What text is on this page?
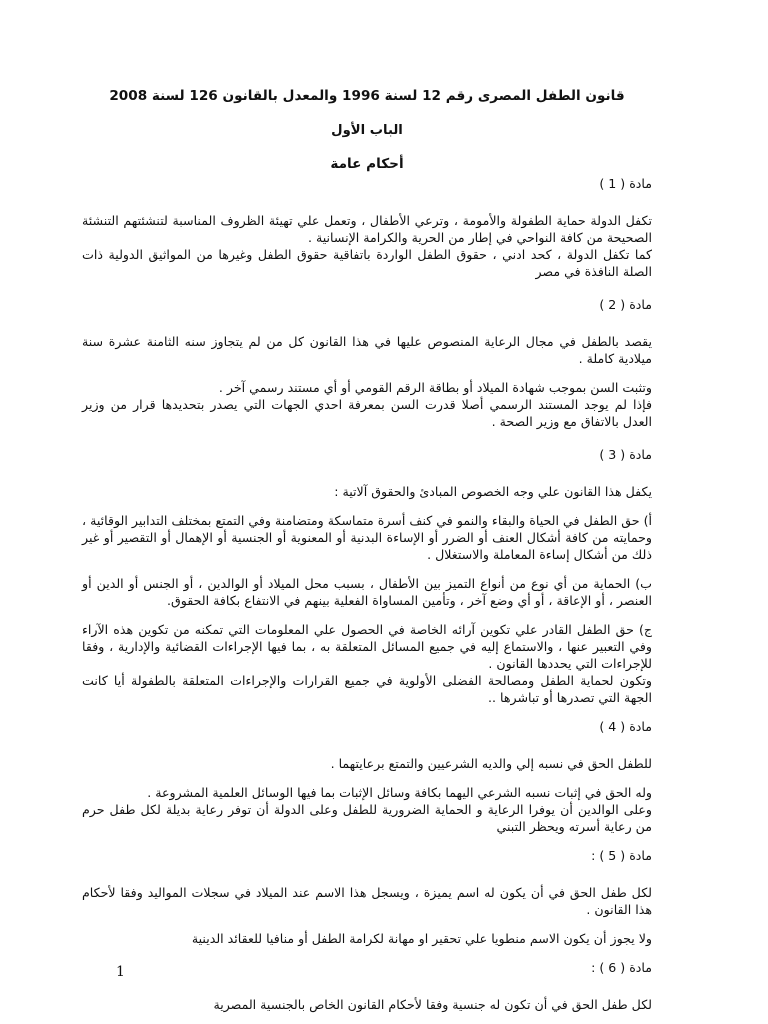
قانون الطفل المصرى رقم 12 لسنة 1996 والمعدل بالقانون 126 لسنة 2008
الباب الأول
أحكام عامة
مادة ( 1 )
تكفل الدولة حماية الطفولة والأمومة ، وترعي الأطفال ، وتعمل علي تهيئة الظروف المناسبة لتنشئتهم التنشئة الصحيحة من كافة النواحي في إطار من الحرية والكرامة الإنسانية .
كما تكفل الدولة ، كحد ادني ، حقوق الطفل الواردة باتفاقية حقوق الطفل وغيرها من المواثيق الدولية ذات الصلة النافذة في مصر
مادة ( 2 )
يقصد بالطفل في مجال الرعاية المنصوص عليها في هذا القانون كل من لم يتجاوز سنه الثامنة عشرة سنة ميلادية كاملة .
وتثبت السن بموجب شهادة الميلاد أو بطاقة الرقم القومي أو أي مستند رسمي آخر .
فإذا لم يوجد المستند الرسمي أصلا قدرت السن بمعرفة احدي الجهات التي يصدر بتحديدها قرار من وزير العدل بالاتفاق مع وزير الصحة .
مادة ( 3 )
يكفل هذا القانون علي وجه الخصوص المبادئ والحقوق آلاتية :
أ) حق الطفل في الحياة والبقاء والنمو في كنف أسرة متماسكة ومتضامنة وفي التمتع بمختلف التدابير الوقائية ، وحمايته من كافة أشكال العنف أو الضرر أو الإساءة البدنية أو المعنوية أو الجنسية أو الإهمال أو التقصير أو غير ذلك من أشكال إساءة المعاملة والاستغلال .
ب) الحماية من أي نوع من أنواع التميز بين الأطفال ، بسبب محل الميلاد أو الوالدين ، أو الجنس أو الدين أو العنصر ، أو الإعاقة ، أو أي وضع آخر ، وتأمين المساواة الفعلية بينهم في الانتفاع بكافة الحقوق.
ج) حق الطفل القادر علي تكوين آرائه الخاصة في الحصول علي المعلومات التي تمكنه من تكوين هذه الآراء وفي التعبير عنها ، والاستماع إليه في جميع المسائل المتعلقة به ، بما فيها الإجراءات القضائية والإدارية ، وفقا للإجراءات التي يحددها القانون .
وتكون لحماية الطفل ومصالحة الفضلى الأولوية في جميع القرارات والإجراءات المتعلقة بالطفولة أيا كانت الجهة التي تصدرها أو تباشرها ..
مادة ( 4 )
للطفل الحق في نسبه إلي والديه الشرعيين والتمتع برعايتهما .
وله الحق في إثبات نسبه الشرعي اليهما بكافة وسائل الإثبات بما فيها الوسائل العلمية المشروعة .
وعلى الوالدين أن يوفرا الرعاية و الحماية الضرورية للطفل وعلى الدولة أن توفر رعاية بديلة لكل طفل حرم من رعاية أسرته ويحظر التبني
مادة ( 5 ) :
لكل طفل الحق في أن يكون له اسم يميزة ، ويسجل هذا الاسم عند الميلاد في سجلات المواليد وفقا لأحكام هذا القانون .
ولا يجوز أن يكون الاسم منطويا علي تحقير او مهانة لكرامة الطفل أو منافيا للعقائد الدينية
مادة ( 6 ) :
لكل طفل الحق في أن تكون له جنسية وفقا لأحكام القانون الخاص بالجنسية المصرية
1
